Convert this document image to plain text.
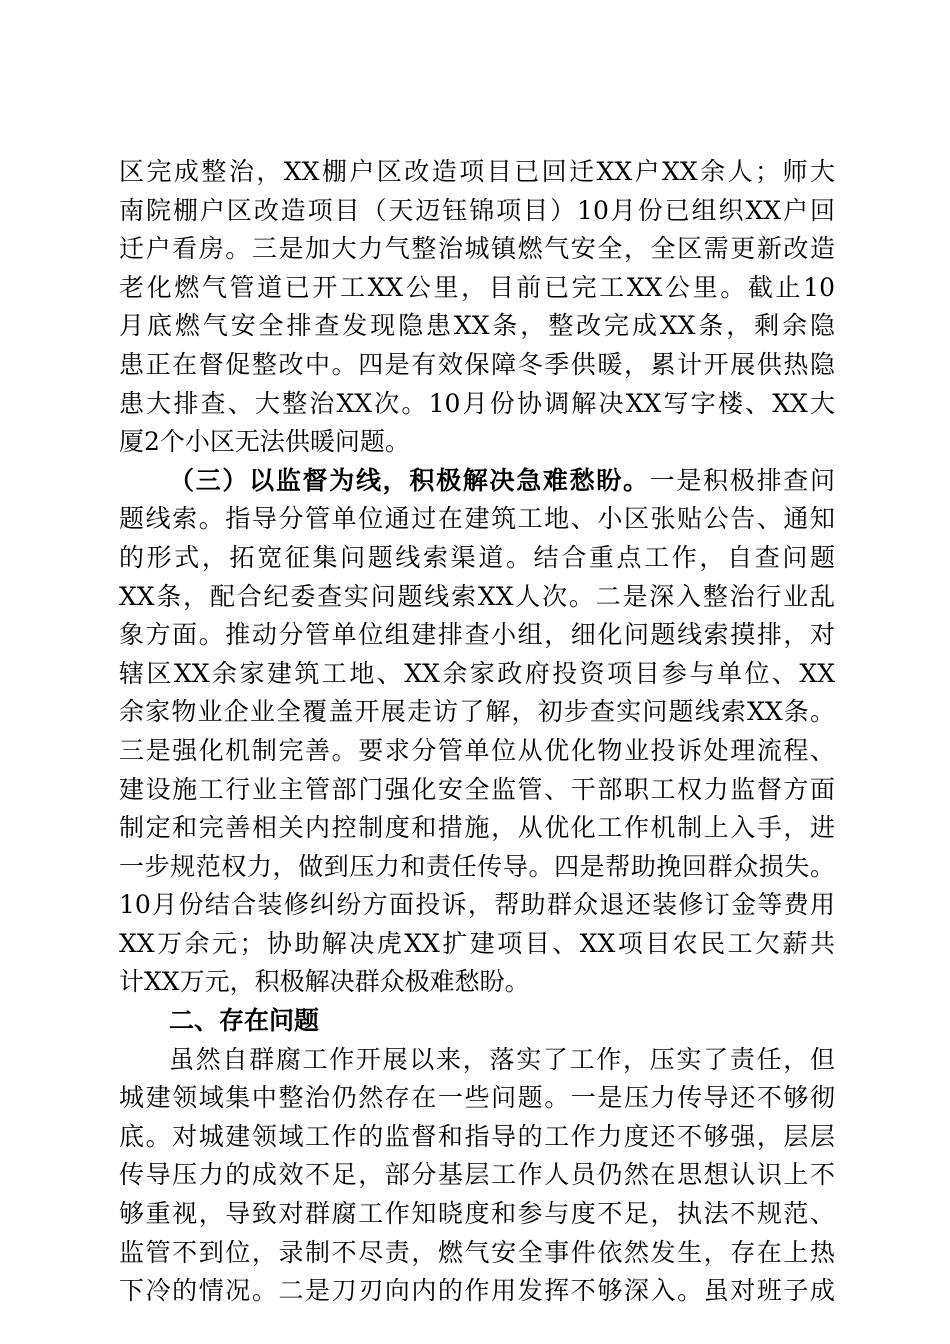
区完成整治，XX棚户区改造项目已回迁XX户XX余人；师大
南院棚户区改造项目（天迈钰锦项目）10月份已组织XX户回
迁户看房。三是加大力气整治城镇燃气安全，全区需更新改造
老化燃气管道已开工XX公里，目前已完工XX公里。截止10
月底燃气安全排查发现隐患XX条，整改完成XX条，剩余隐
患正在督促整改中。四是有效保障冬季供暖，累计开展供热隐
患大排查、大整治XX次。10月份协调解决XX写字楼、XX大
厦2个小区无法供暖问题。
（三）以监督为线，积极解决急难愁盼。一是积极排查问
题线索。指导分管单位通过在建筑工地、小区张贴公告、通知
的形式，拓宽征集问题线索渠道。结合重点工作，自查问题
XX条，配合纪委查实问题线索XX人次。二是深入整治行业乱
象方面。推动分管单位组建排查小组，细化问题线索摸排，对
辖区XX余家建筑工地、XX余家政府投资项目参与单位、XX
余家物业企业全覆盖开展走访了解，初步查实问题线索XX条。
三是强化机制完善。要求分管单位从优化物业投诉处理流程、
建设施工行业主管部门强化安全监管、干部职工权力监督方面
制定和完善相关内控制度和措施，从优化工作机制上入手，进
一步规范权力，做到压力和责任传导。四是帮助挽回群众损失。
10月份结合装修纠纷方面投诉，帮助群众退还装修订金等费用
XX万余元；协助解决虎XX扩建项目、XX项目农民工欠薪共
计XX万元，积极解决群众极难愁盼。
二、存在问题
虽然自群腐工作开展以来，落实了工作，压实了责任，但
城建领域集中整治仍然存在一些问题。一是压力传导还不够彻
底。对城建领域工作的监督和指导的工作力度还不够强，层层
传导压力的成效不足，部分基层工作人员仍然在思想认识上不
够重视，导致对群腐工作知晓度和参与度不足，执法不规范、
监管不到位，录制不尽责，燃气安全事件依然发生，存在上热
下冷的情况。二是刀刃向内的作用发挥不够深入。虽对班子成
